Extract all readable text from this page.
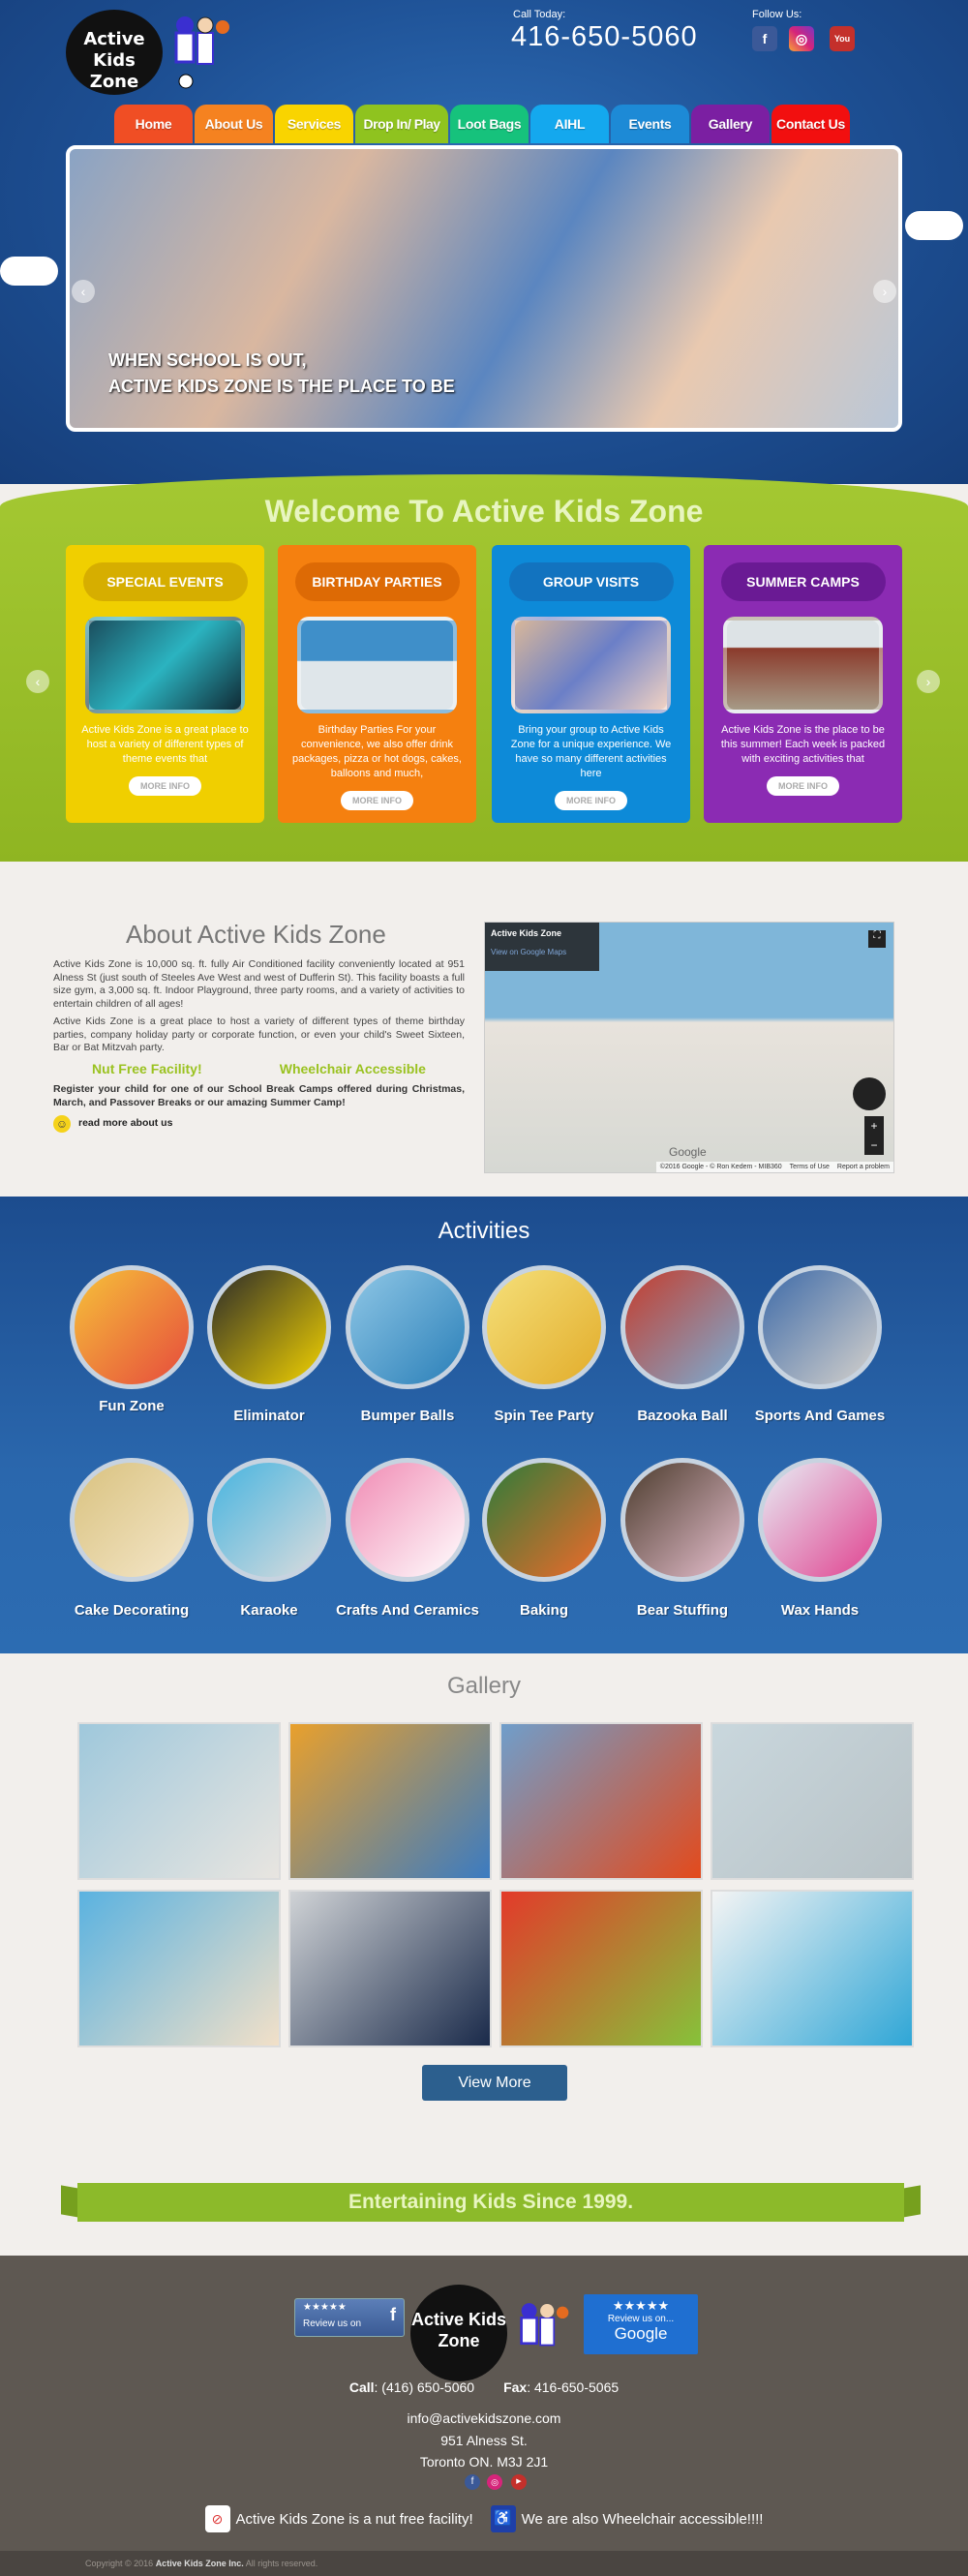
Active Kids Zone
Call Today:
416-650-5060
Follow Us:
f	◎	You
Home	About Us	Services	Drop In/ Play	Loot Bags	AIHL	Events	Gallery	Contact Us
WHEN SCHOOL IS OUT,
ACTIVE KIDS ZONE IS THE PLACE TO BE
‹	›
Welcome To Active Kids Zone
‹	›
SPECIAL EVENTS

Active Kids Zone is a great place to host a variety of different types of theme events that

MORE INFO
BIRTHDAY PARTIES

Birthday Parties For your convenience, we also offer drink packages, pizza or hot dogs, cakes, balloons and much,

MORE INFO
GROUP VISITS

Bring your group to Active Kids Zone for a unique experience. We have so many different activities here

MORE INFO
SUMMER CAMPS

Active Kids Zone is the place to be this summer! Each week is packed with exciting activities that

MORE INFO
About Active Kids Zone

Active Kids Zone is 10,000 sq. ft. fully Air Conditioned facility conveniently located at 951 Alness St (just south of Steeles Ave West and west of Dufferin St). This facility boasts a full size gym, a 3,000 sq. ft. Indoor Playground, three party rooms, and a variety of activities to entertain children of all ages!

Active Kids Zone is a great place to host a variety of different types of theme birthday parties, company holiday party or corporate function, or even your child's Sweet Sixteen, Bar or Bat Mitzvah party.

Nut Free Facility!	Wheelchair Accessible

Register your child for one of our School Break Camps offered during Christmas, March, and Passover Breaks or our amazing Summer Camp!

☺ read more about us
Active Kids Zone
View on Google Maps
⛶
+
−
Google
©2016 Google - © Ron Kedem - MIB360 Terms of Use Report a problem
Activities
Fun Zone
Eliminator	Bumper Balls	Spin Tee Party	Bazooka Ball	Sports And Games
Cake Decorating	Karaoke	Crafts And Ceramics	Baking	Bear Stuffing	Wax Hands
Gallery
View More
Entertaining Kids Since 1999.
Review us on f
★★★★★
Active Kids Zone
★★★★★
Review us on...
Google
Call: (416) 650-5060 Fax: 416-650-5065
info@activekidszone.com
951 Alness St.
Toronto ON. M3J 2J1
f	◎	▶
⊘ Active Kids Zone is a nut free facility! ♿ We are also Wheelchair accessible!!!!
Copyright © 2016 Active Kids Zone Inc. All rights reserved.
